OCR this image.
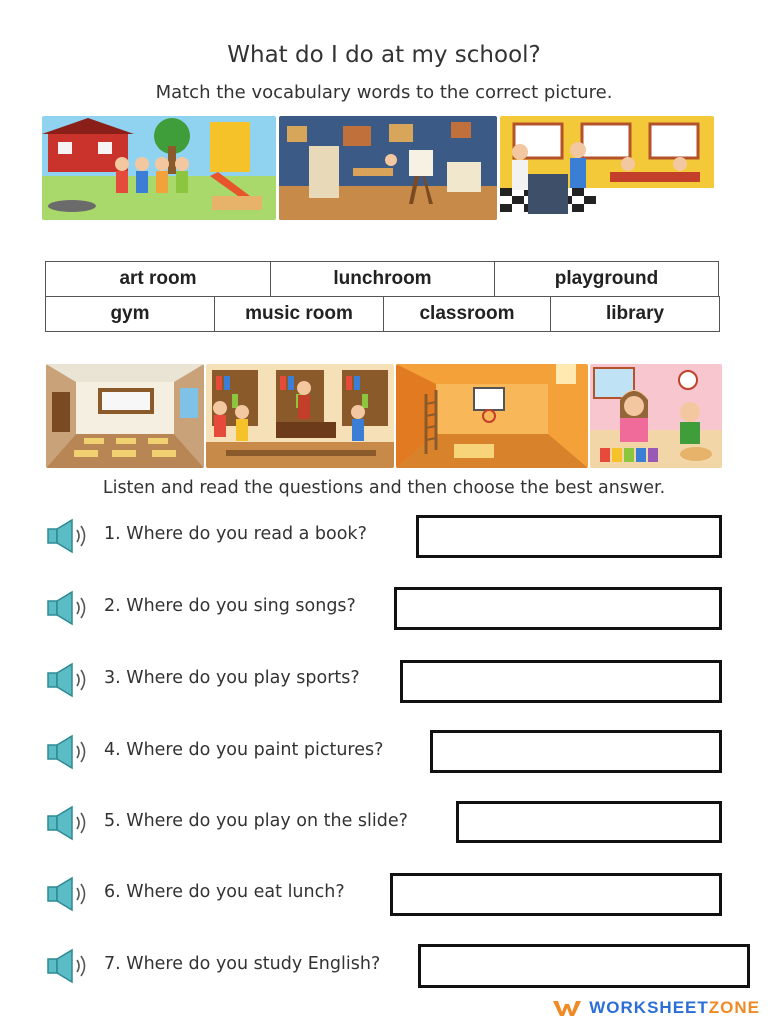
What do I do at my school?
Match the vocabulary words to the correct picture.
art room	lunchroom	playground
gym	music room	classroom	library
Listen and read the questions and then choose the best answer.
1. Where do you read a book?
2. Where do you sing songs?
3. Where do you play sports?
4. Where do you paint pictures?
5. Where do you play on the slide?
6. Where do you eat lunch?
7. Where do you study English?
WORKSHEETZONE
